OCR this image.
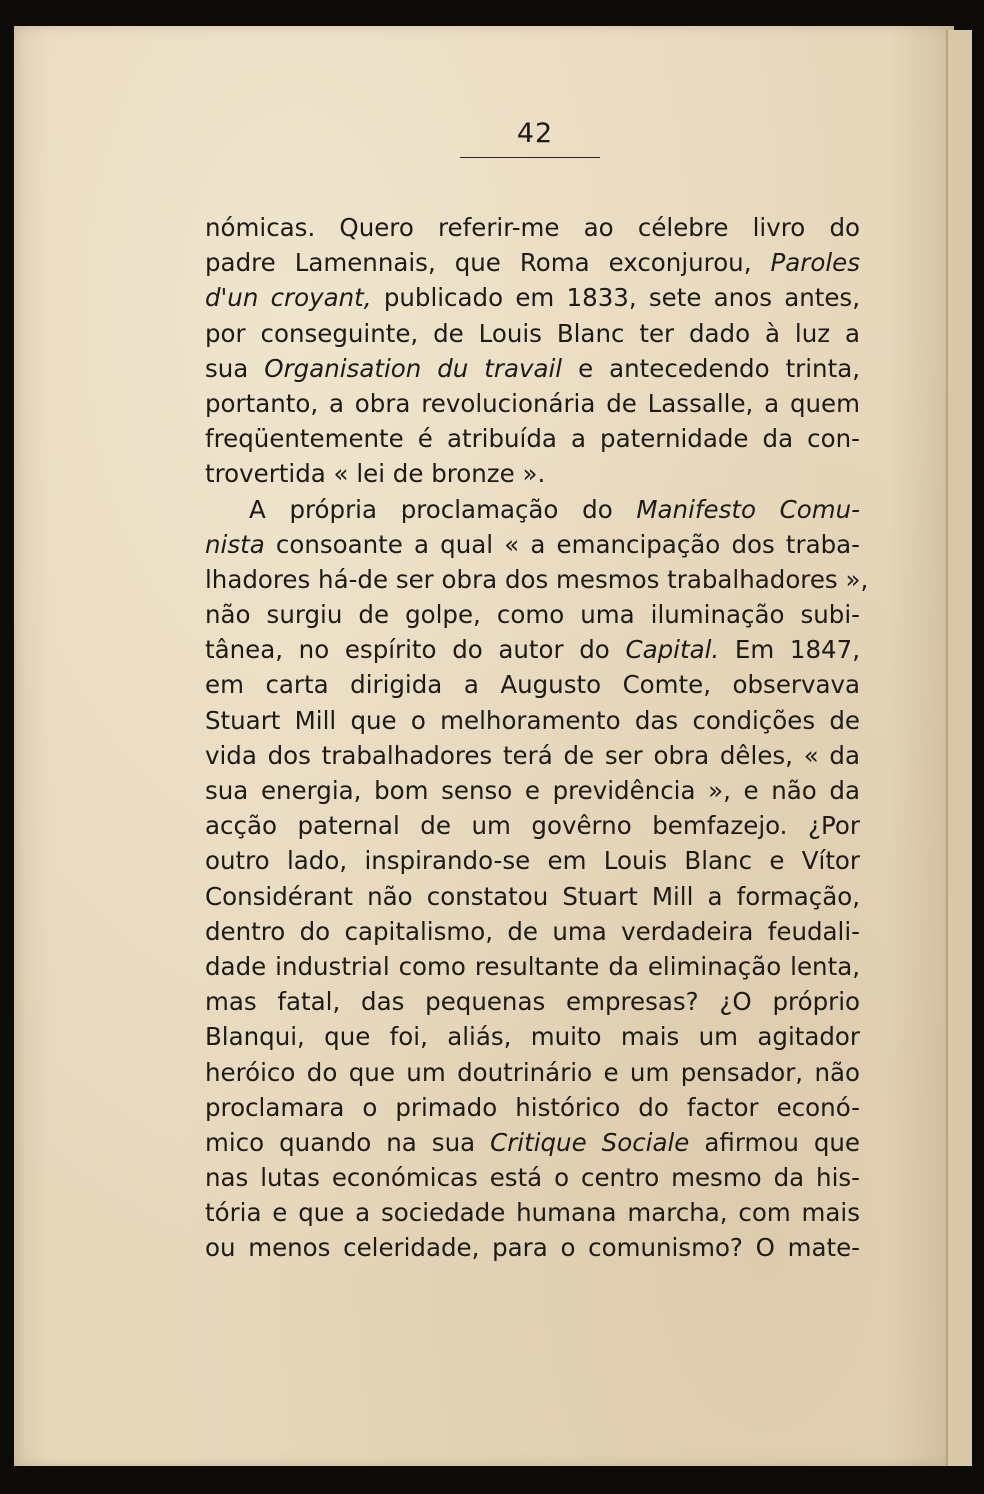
42
nómicas. Quero referir-me ao célebre livro do
padre Lamennais, que Roma exconjurou, Paroles
d'un croyant, publicado em 1833, sete anos antes,
por conseguinte, de Louis Blanc ter dado à luz a
sua Organisation du travail e antecedendo trinta,
portanto, a obra revolucionária de Lassalle, a quem
freqüentemente é atribuída a paternidade da con-
trovertida « lei de bronze ».
A própria proclamação do Manifesto Comu-
nista consoante a qual « a emancipação dos traba-
lhadores há-de ser obra dos mesmos trabalhadores »,
não surgiu de golpe, como uma iluminação subi-
tânea, no espírito do autor do Capital. Em 1847,
em carta dirigida a Augusto Comte, observava
Stuart Mill que o melhoramento das condições de
vida dos trabalhadores terá de ser obra dêles, « da
sua energia, bom senso e previdência », e não da
acção paternal de um govêrno bemfazejo. ¿Por
outro lado, inspirando-se em Louis Blanc e Vítor
Considérant não constatou Stuart Mill a formação,
dentro do capitalismo, de uma verdadeira feudali-
dade industrial como resultante da eliminação lenta,
mas fatal, das pequenas empresas? ¿O próprio
Blanqui, que foi, aliás, muito mais um agitador
heróico do que um doutrinário e um pensador, não
proclamara o primado histórico do factor econó-
mico quando na sua Critique Sociale afirmou que
nas lutas económicas está o centro mesmo da his-
tória e que a sociedade humana marcha, com mais
ou menos celeridade, para o comunismo? O mate-
